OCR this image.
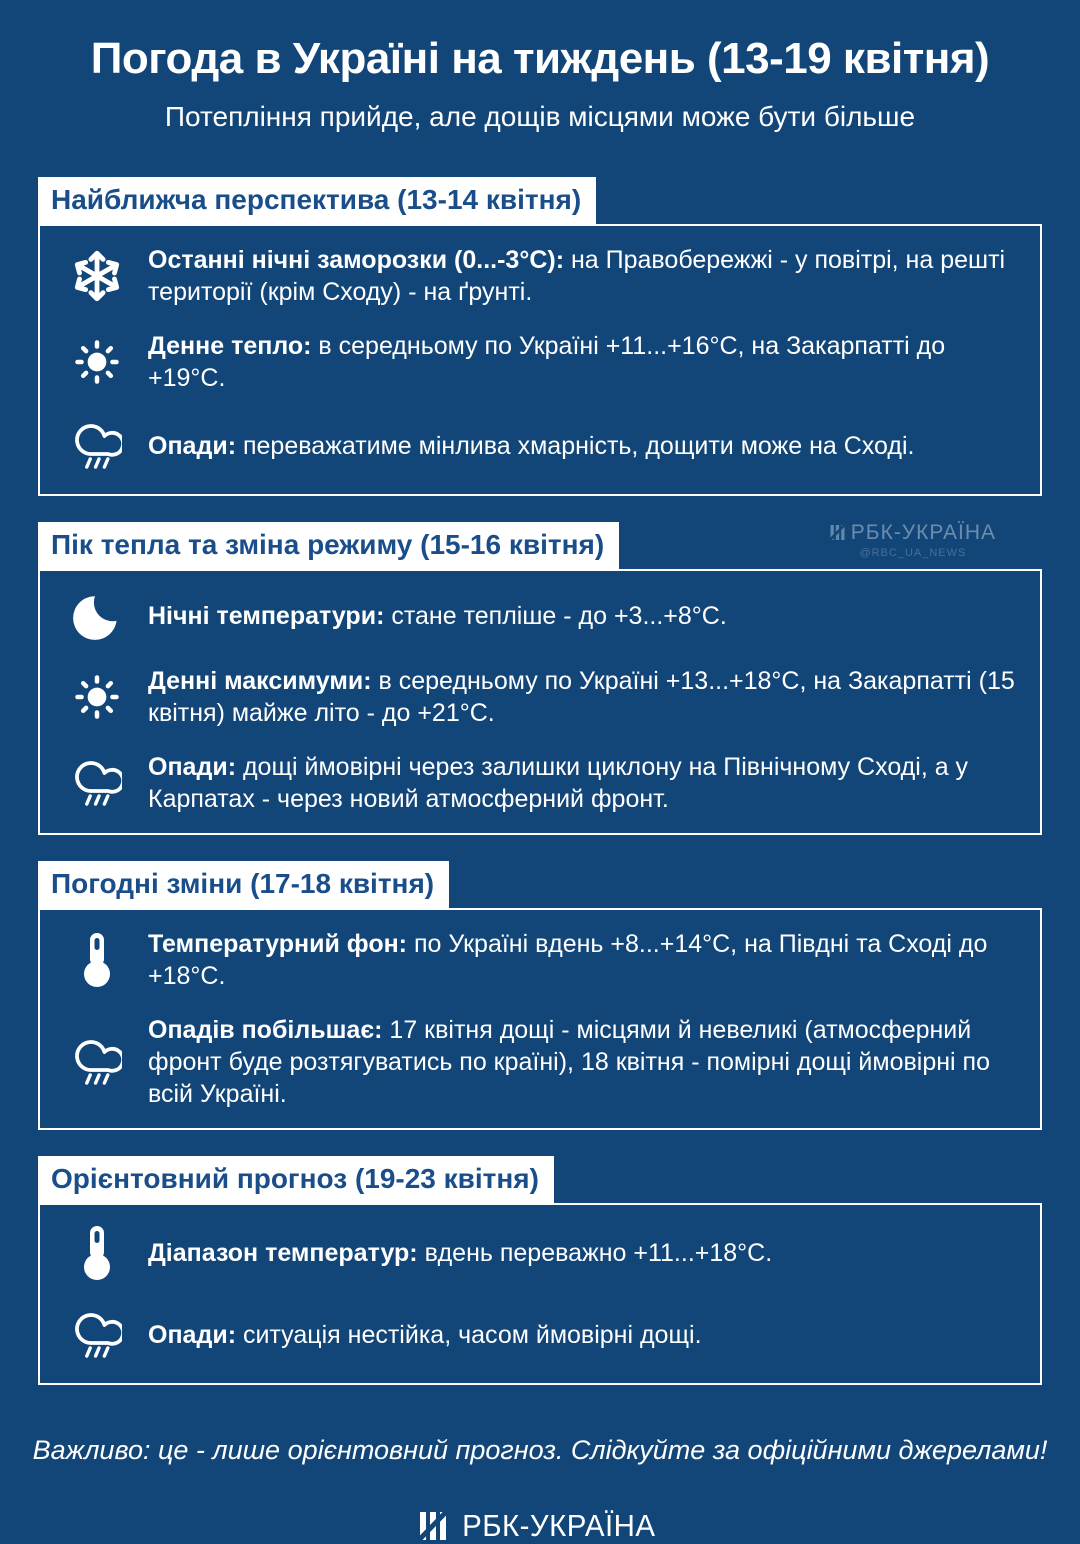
Погода в Україні на тиждень (13-19 квітня)
Потепління прийде, але дощів місцями може бути більше
Найближча перспектива (13-14 квітня)

Останні нічні заморозки (0...-3°С): на Правобережжі - у повітрі, на решті території (крім Сходу) - на ґрунті.

Денне тепло: в середньому по Україні +11...+16°С, на Закарпатті до +19°С.

Опади: переважатиме мінлива хмарність, дощити може на Сході.

РБК-УКРАЇНА
@RBC_UA_NEWS
Пік тепла та зміна режиму (15-16 квітня)

Нічні температури: стане тепліше - до +3...+8°С.

Денні максимуми: в середньому по Україні +13...+18°С, на Закарпатті (15 квітня) майже літо - до +21°С.

Опади: дощі ймовірні через залишки циклону на Північному Сході, а у Карпатах - через новий атмосферний фронт.

Погодні зміни (17-18 квітня)

Температурний фон: по Україні вдень +8...+14°С, на Півдні та Сході до +18°С.

Опадів побільшає: 17 квітня дощі - місцями й невеликі (атмосферний фронт буде розтягуватись по країні), 18 квітня - помірні дощі ймовірні по всій Україні.

Орієнтовний прогноз (19-23 квітня)

Діапазон температур: вдень переважно +11...+18°С.

Опади: ситуація нестійка, часом ймовірні дощі.

Важливо: це - лише орієнтовний прогноз. Слідкуйте за офіційними джерелами!
РБК-УКРАЇНА
